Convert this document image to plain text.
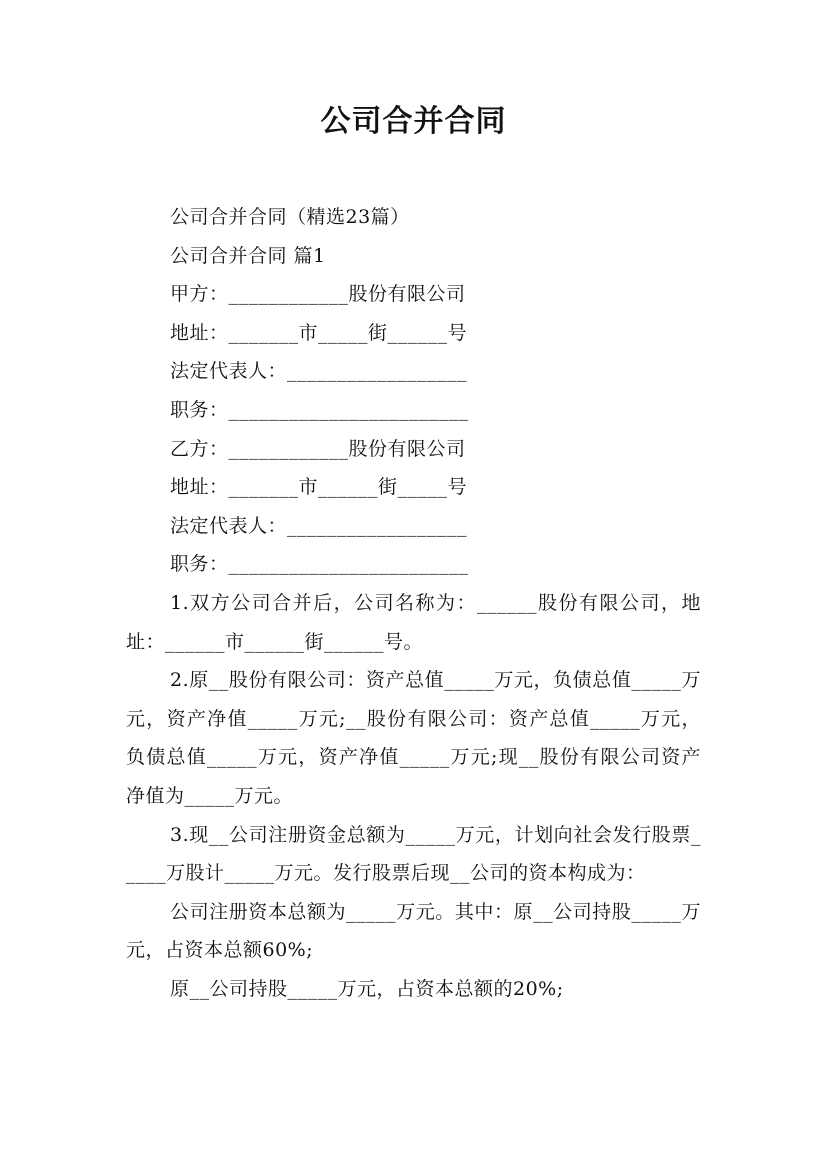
公司合并合同

公司合并合同（精选23篇）

公司合并合同 篇1

甲方：____________股份有限公司

地址：_______市_____街______号

法定代表人：__________________

职务：________________________

乙方：____________股份有限公司

地址：_______市______街_____号

法定代表人：__________________

职务：________________________

1.双方公司合并后，公司名称为：______股份有限公司，地址：______市______街______号。

2.原__股份有限公司：资产总值_____万元，负债总值_____万元，资产净值_____万元;__股份有限公司：资产总值_____万元，负债总值_____万元，资产净值_____万元;现__股份有限公司资产净值为_____万元。

3.现__公司注册资金总额为_____万元，计划向社会发行股票_____万股计_____万元。发行股票后现__公司的资本构成为：

公司注册资本总额为_____万元。其中：原__公司持股_____万元，占资本总额60%;

原__公司持股_____万元，占资本总额的20%;
